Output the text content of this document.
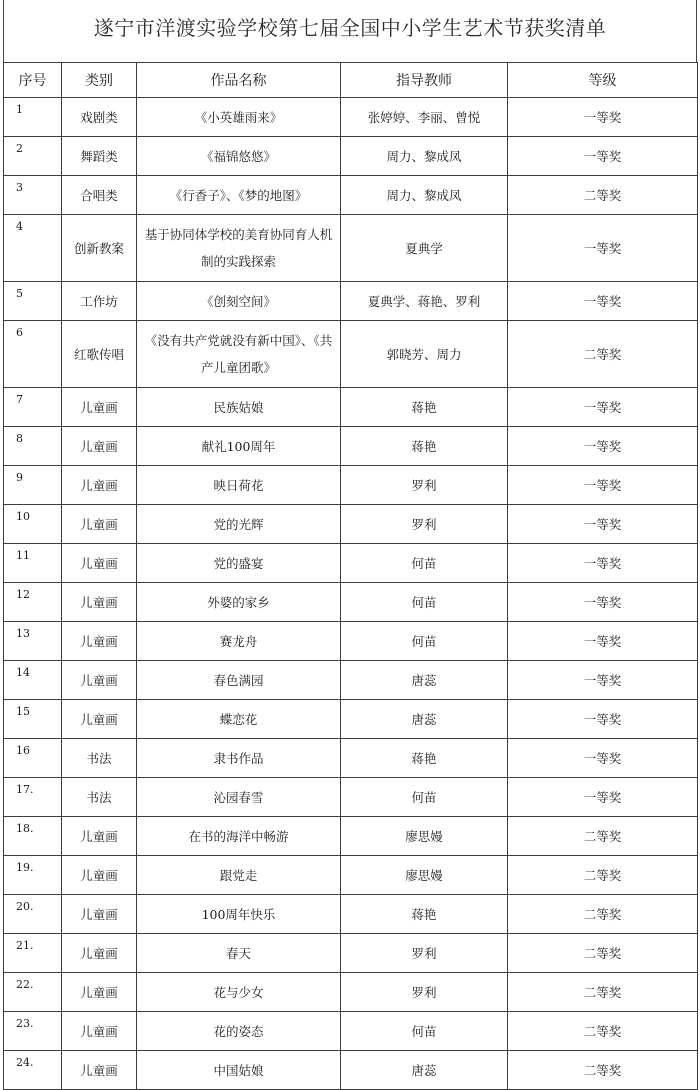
遂宁市洋渡实验学校第七届全国中小学生艺术节获奖清单
序号	类别	作品名称	指导教师	等级
1	戏剧类	《小英雄雨来》	张婷婷、李丽、曾悦	一等奖
2	舞蹈类	《福锦悠悠》	周力、黎成凤	一等奖
3	合唱类	《行香子》、《梦的地图》	周力、黎成凤	二等奖
4	创新教案	基于协同体学校的美育协同育人机制的实践探索	夏典学	一等奖
5	工作坊	《创刻空间》	夏典学、蒋艳、罗利	一等奖
6	红歌传唱	《没有共产党就没有新中国》、《共产儿童团歌》	郭晓芳、周力	二等奖
7	儿童画	民族姑娘	蒋艳	一等奖
8	儿童画	献礼100周年	蒋艳	一等奖
9	儿童画	映日荷花	罗利	一等奖
10	儿童画	党的光辉	罗利	一等奖
11	儿童画	党的盛宴	何苗	一等奖
12	儿童画	外婆的家乡	何苗	一等奖
13	儿童画	赛龙舟	何苗	一等奖
14	儿童画	春色满园	唐蕊	一等奖
15	儿童画	蝶恋花	唐蕊	一等奖
16	书法	隶书作品	蒋艳	一等奖
17.	书法	沁园春雪	何苗	一等奖
18.	儿童画	在书的海洋中畅游	廖思嫚	二等奖
19.	儿童画	跟党走	廖思嫚	二等奖
20.	儿童画	100周年快乐	蒋艳	二等奖
21.	儿童画	春天	罗利	二等奖
22.	儿童画	花与少女	罗利	二等奖
23.	儿童画	花的姿态	何苗	二等奖
24.	儿童画	中国姑娘	唐蕊	二等奖
